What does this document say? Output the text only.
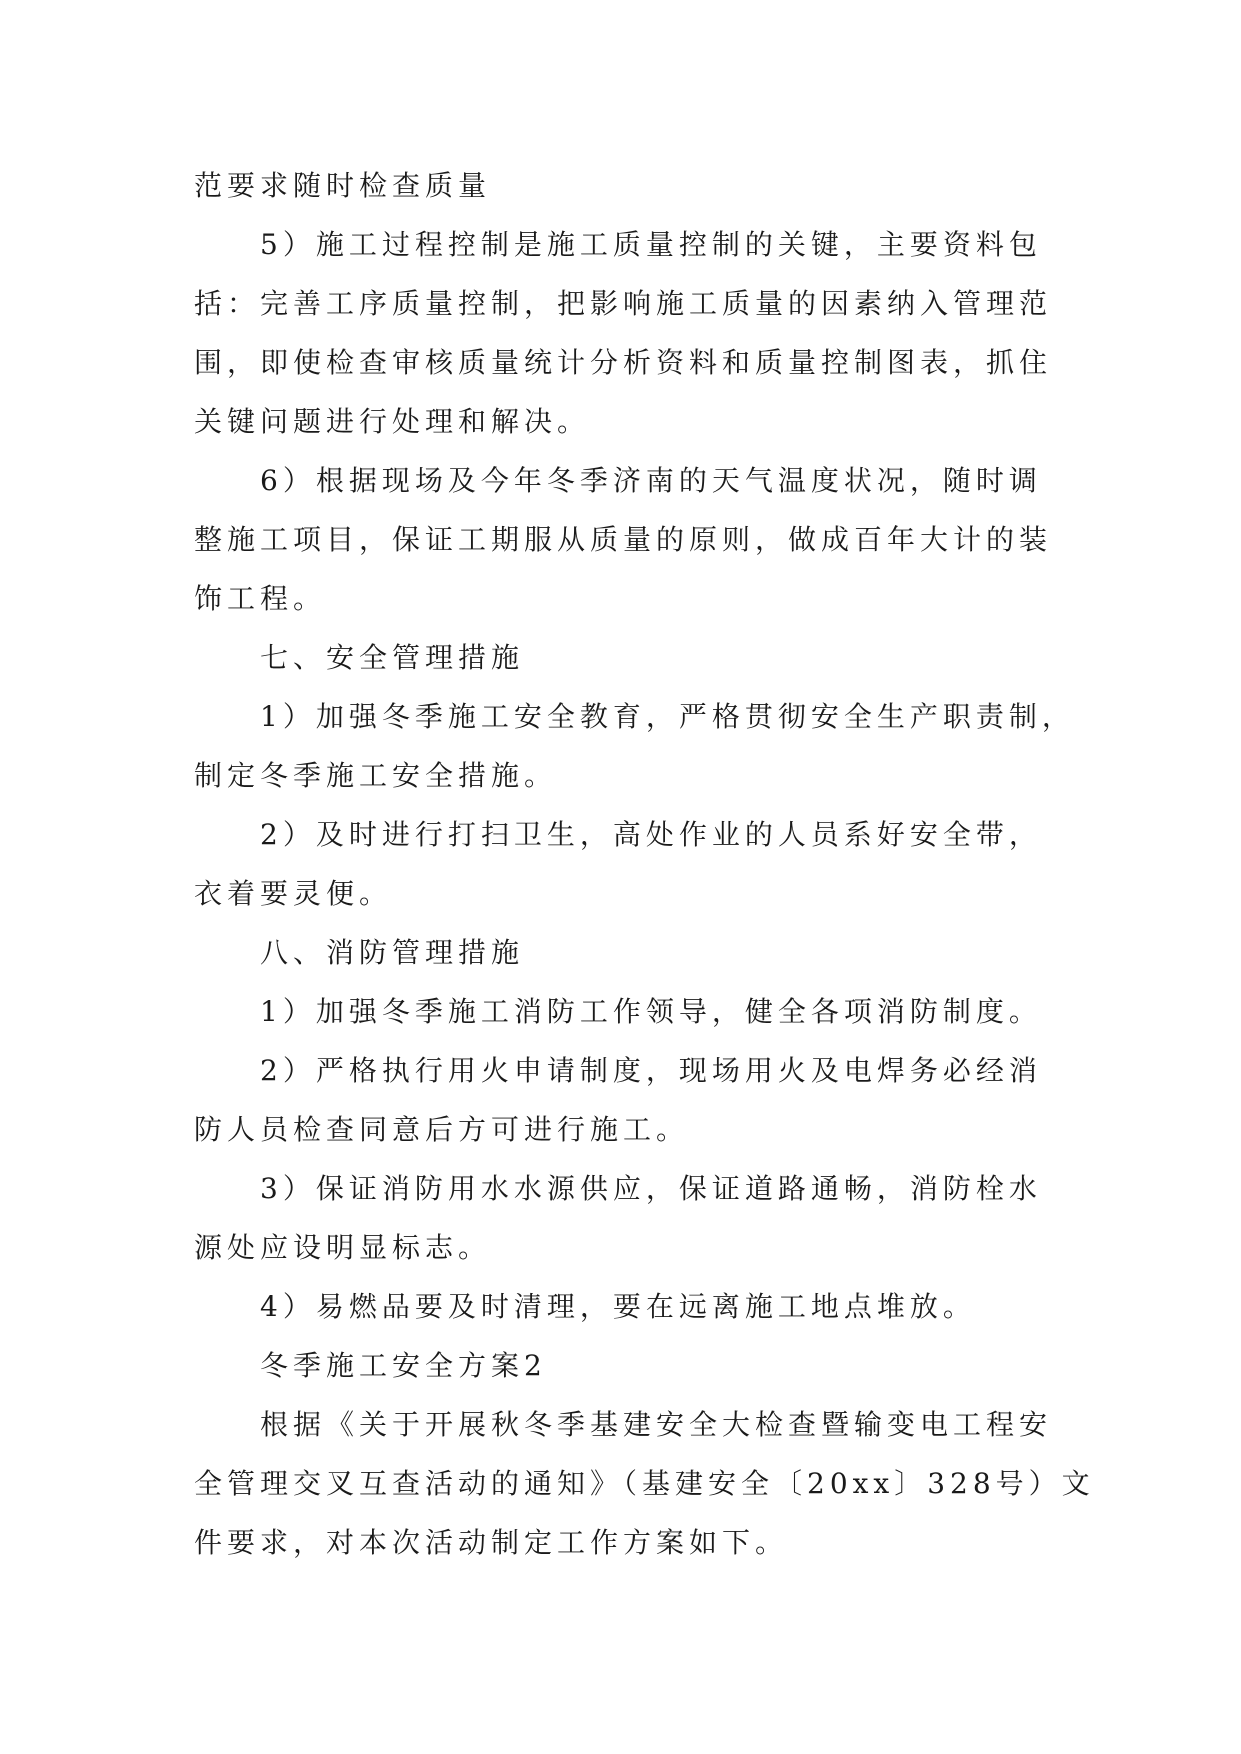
范要求随时检查质量
5）施工过程控制是施工质量控制的关键，主要资料包
括：完善工序质量控制，把影响施工质量的因素纳入管理范
围，即使检查审核质量统计分析资料和质量控制图表，抓住
关键问题进行处理和解决。
6）根据现场及今年冬季济南的天气温度状况，随时调
整施工项目，保证工期服从质量的原则，做成百年大计的装
饰工程。
七、安全管理措施
1）加强冬季施工安全教育，严格贯彻安全生产职责制，
制定冬季施工安全措施。
2）及时进行打扫卫生，高处作业的人员系好安全带，
衣着要灵便。
八、消防管理措施
1）加强冬季施工消防工作领导，健全各项消防制度。
2）严格执行用火申请制度，现场用火及电焊务必经消
防人员检查同意后方可进行施工。
3）保证消防用水水源供应，保证道路通畅，消防栓水
源处应设明显标志。
4）易燃品要及时清理，要在远离施工地点堆放。
冬季施工安全方案2
根据《关于开展秋冬季基建安全大检查暨输变电工程安
全管理交叉互查活动的通知》（基建安全〔20xx〕328号）文
件要求，对本次活动制定工作方案如下。
